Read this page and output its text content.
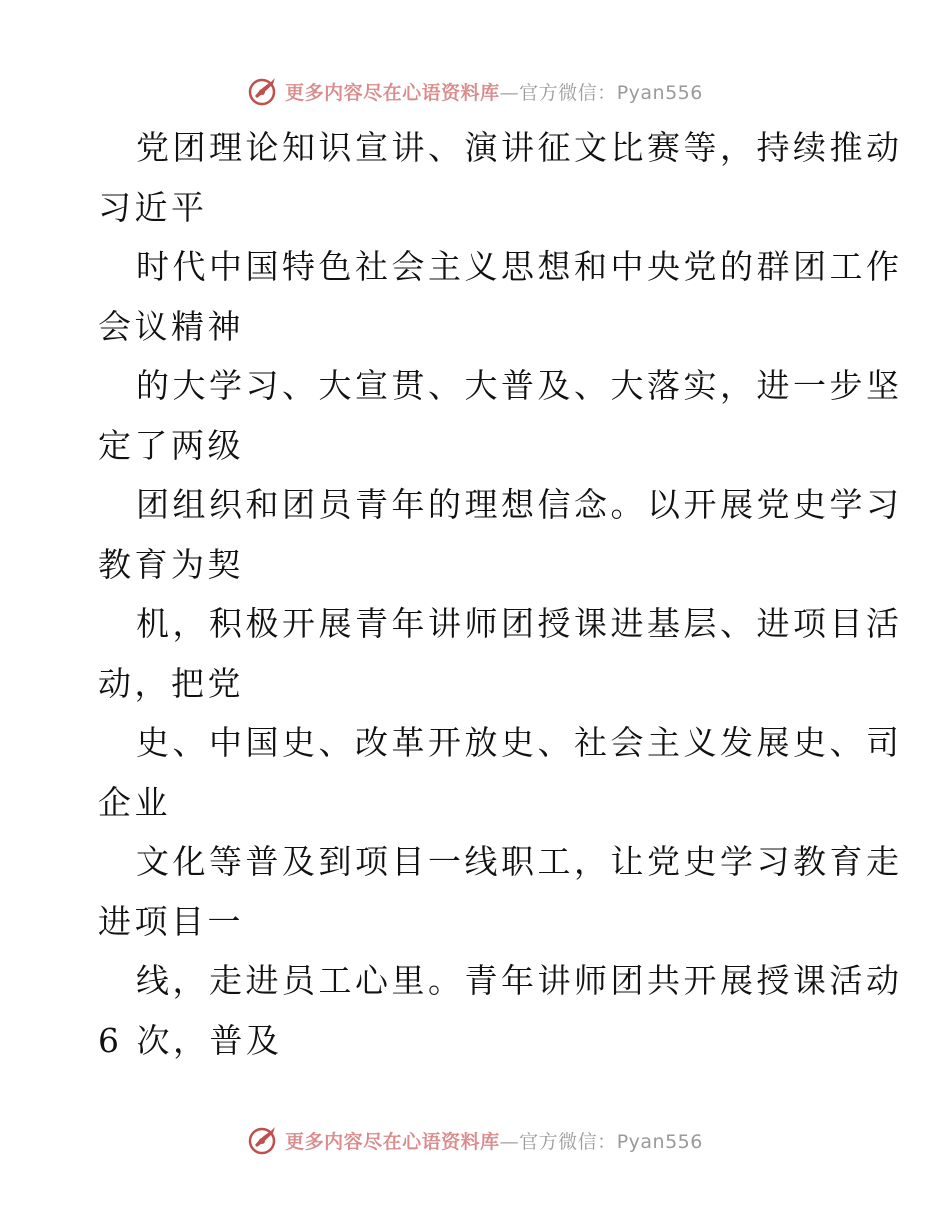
更多内容尽在心语资料库—官方微信：Pyan556
党团理论知识宣讲、演讲征文比赛等，持续推动
习近平
时代中国特色社会主义思想和中央党的群团工作
会议精神
的大学习、大宣贯、大普及、大落实，进一步坚
定了两级
团组织和团员青年的理想信念。以开展党史学习
教育为契
机，积极开展青年讲师团授课进基层、进项目活
动，把党
史、中国史、改革开放史、社会主义发展史、司
企业
文化等普及到项目一线职工，让党史学习教育走
进项目一
线，走进员工心里。青年讲师团共开展授课活动
6 次，普及
更多内容尽在心语资料库—官方微信：Pyan556
